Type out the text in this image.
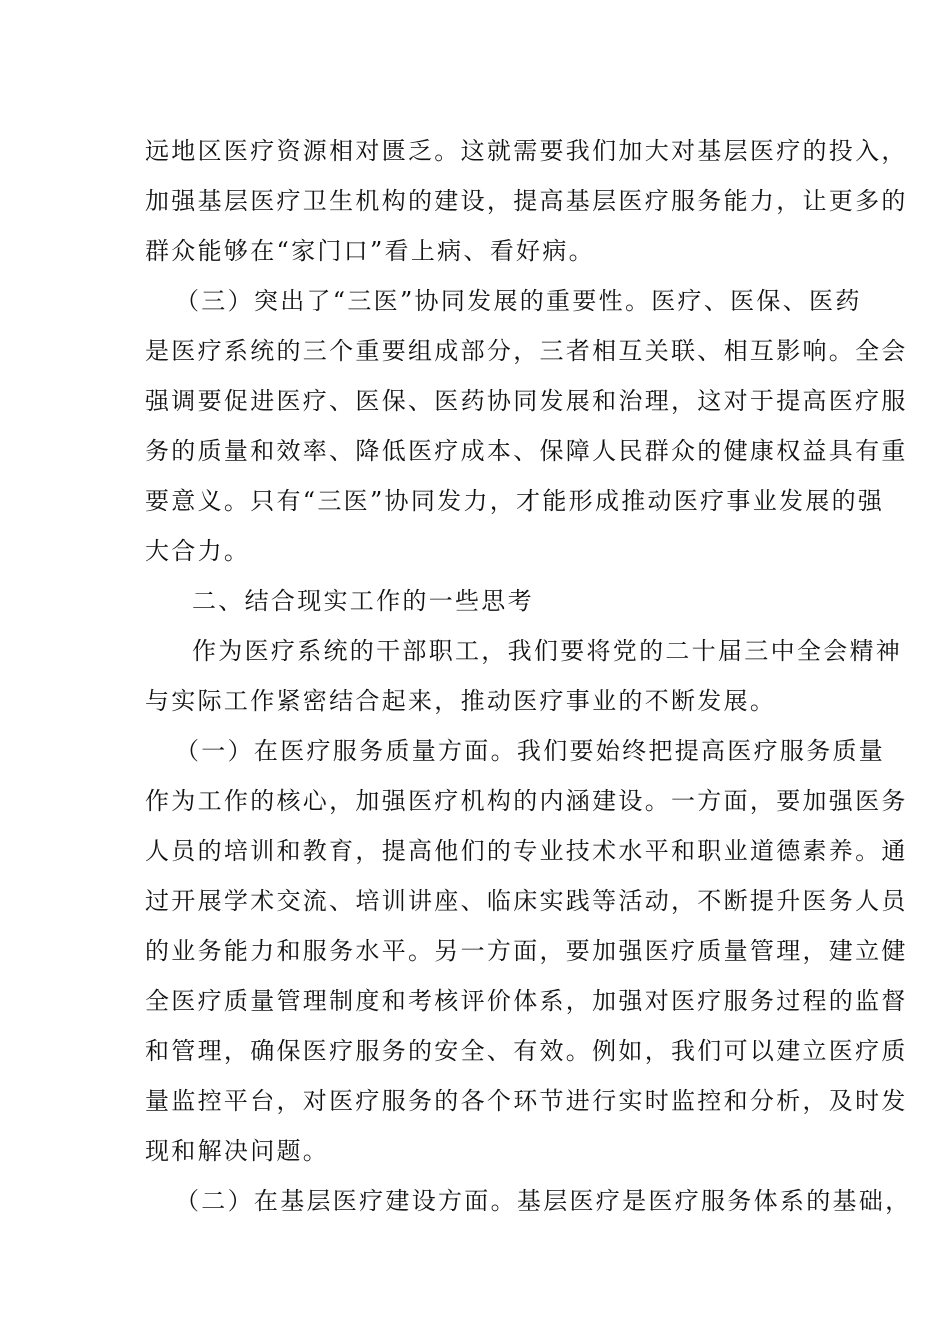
远地区医疗资源相对匮乏。这就需要我们加大对基层医疗的投入，
加强基层医疗卫生机构的建设，提高基层医疗服务能力，让更多的
群众能够在“家门口”看上病、看好病。
（三）突出了“三医”协同发展的重要性。医疗、医保、医药
是医疗系统的三个重要组成部分，三者相互关联、相互影响。全会
强调要促进医疗、医保、医药协同发展和治理，这对于提高医疗服
务的质量和效率、降低医疗成本、保障人民群众的健康权益具有重
要意义。只有“三医”协同发力，才能形成推动医疗事业发展的强
大合力。
二、结合现实工作的一些思考
作为医疗系统的干部职工，我们要将党的二十届三中全会精神
与实际工作紧密结合起来，推动医疗事业的不断发展。
（一）在医疗服务质量方面。我们要始终把提高医疗服务质量
作为工作的核心，加强医疗机构的内涵建设。一方面，要加强医务
人员的培训和教育，提高他们的专业技术水平和职业道德素养。通
过开展学术交流、培训讲座、临床实践等活动，不断提升医务人员
的业务能力和服务水平。另一方面，要加强医疗质量管理，建立健
全医疗质量管理制度和考核评价体系，加强对医疗服务过程的监督
和管理，确保医疗服务的安全、有效。例如，我们可以建立医疗质
量监控平台，对医疗服务的各个环节进行实时监控和分析，及时发
现和解决问题。
（二）在基层医疗建设方面。基层医疗是医疗服务体系的基础，
